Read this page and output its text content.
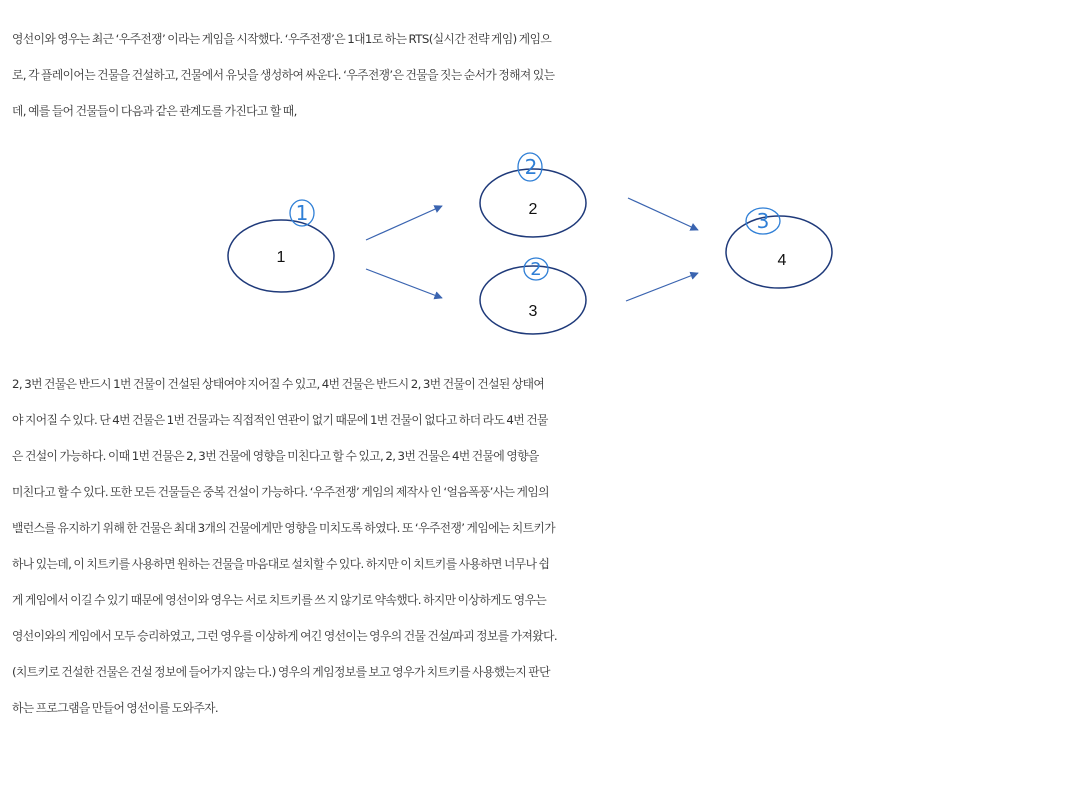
영선이와 영우는 최근 ‘우주전쟁’ 이라는 게임을 시작했다. ‘우주전쟁’은 1대1로 하는 RTS(실시간 전략 게임) 게임으
로, 각 플레이어는 건물을 건설하고, 건물에서 유닛을 생성하여 싸운다. ‘우주전쟁’은 건물을 짓는 순서가 정해져 있는
데, 예를 들어 건물들이 다음과 같은 관계도를 가진다고 할 때,

1
1	2
2
3
2	4
3

2, 3번 건물은 반드시 1번 건물이 건설된 상태여야 지어질 수 있고, 4번 건물은 반드시 2, 3번 건물이 건설된 상태여
야 지어질 수 있다. 단 4번 건물은 1번 건물과는 직접적인 연관이 없기 때문에 1번 건물이 없다고 하더 라도 4번 건물
은 건설이 가능하다. 이때 1번 건물은 2, 3번 건물에 영향을 미친다고 할 수 있고, 2, 3번 건물은 4번 건물에 영향을
미친다고 할 수 있다. 또한 모든 건물들은 중복 건설이 가능하다. ‘우주전쟁’ 게임의 제작사 인 ‘얼음폭풍’사는 게임의
밸런스를 유지하기 위해 한 건물은 최대 3개의 건물에게만 영향을 미치도록 하였다. 또 ‘우주전쟁’ 게임에는 치트키가
하나 있는데, 이 치트키를 사용하면 원하는 건물을 마음대로 설치할 수 있다. 하지만 이 치트키를 사용하면 너무나 쉽
게 게임에서 이길 수 있기 때문에 영선이와 영우는 서로 치트키를 쓰 지 않기로 약속했다. 하지만 이상하게도 영우는
영선이와의 게임에서 모두 승리하였고, 그런 영우를 이상하게 여긴 영선이는 영우의 건물 건설/파괴 정보를 가져왔다.
(치트키로 건설한 건물은 건설 정보에 들어가지 않는 다.) 영우의 게임정보를 보고 영우가 치트키를 사용했는지 판단
하는 프로그램을 만들어 영선이를 도와주자.
